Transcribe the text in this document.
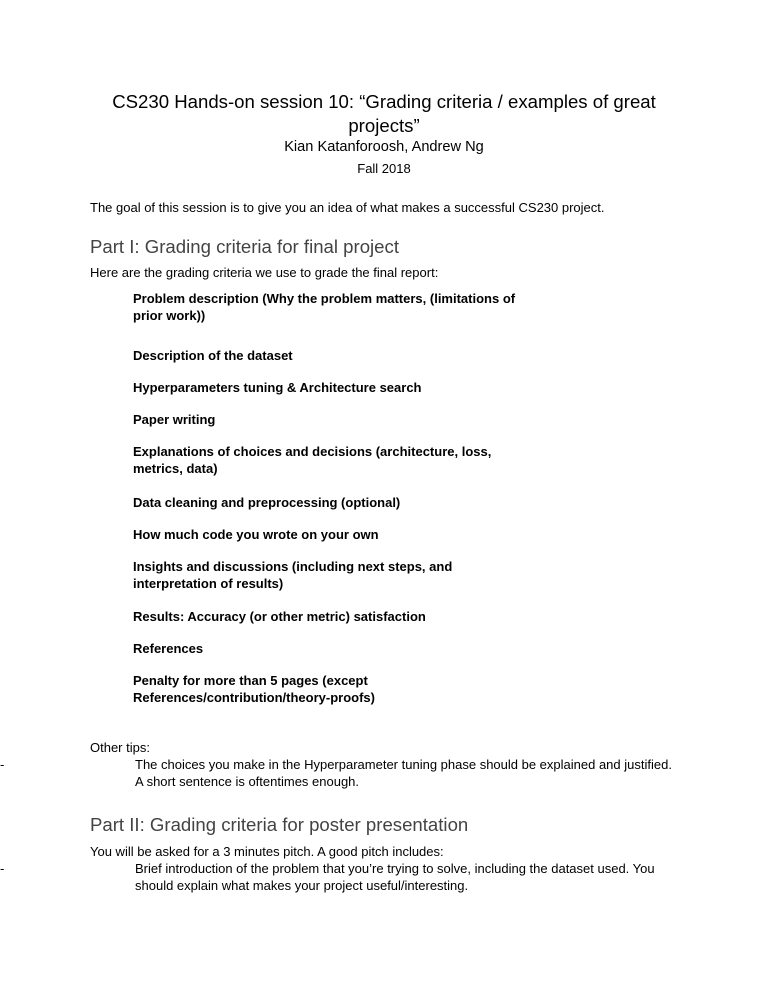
CS230 Hands-on session 10: “Grading criteria / examples of great projects”
Kian Katanforoosh, Andrew Ng
Fall 2018
The goal of this session is to give you an idea of what makes a successful CS230 project.
Part I: Grading criteria for final project
Here are the grading criteria we use to grade the final report:
Problem description (Why the problem matters, (limitations of prior work))
Description of the dataset
Hyperparameters tuning & Architecture search
Paper writing
Explanations of choices and decisions (architecture, loss, metrics, data)
Data cleaning and preprocessing (optional)
How much code you wrote on your own
Insights and discussions (including next steps, and interpretation of results)
Results: Accuracy (or other metric) satisfaction
References
Penalty for more than 5 pages (except References/contribution/theory-proofs)
Other tips:
-	The choices you make in the Hyperparameter tuning phase should be explained and justified. A short sentence is oftentimes enough.
Part II: Grading criteria for poster presentation
You will be asked for a 3 minutes pitch. A good pitch includes:
-	Brief introduction of the problem that you’re trying to solve, including the dataset used. You should explain what makes your project useful/interesting.
